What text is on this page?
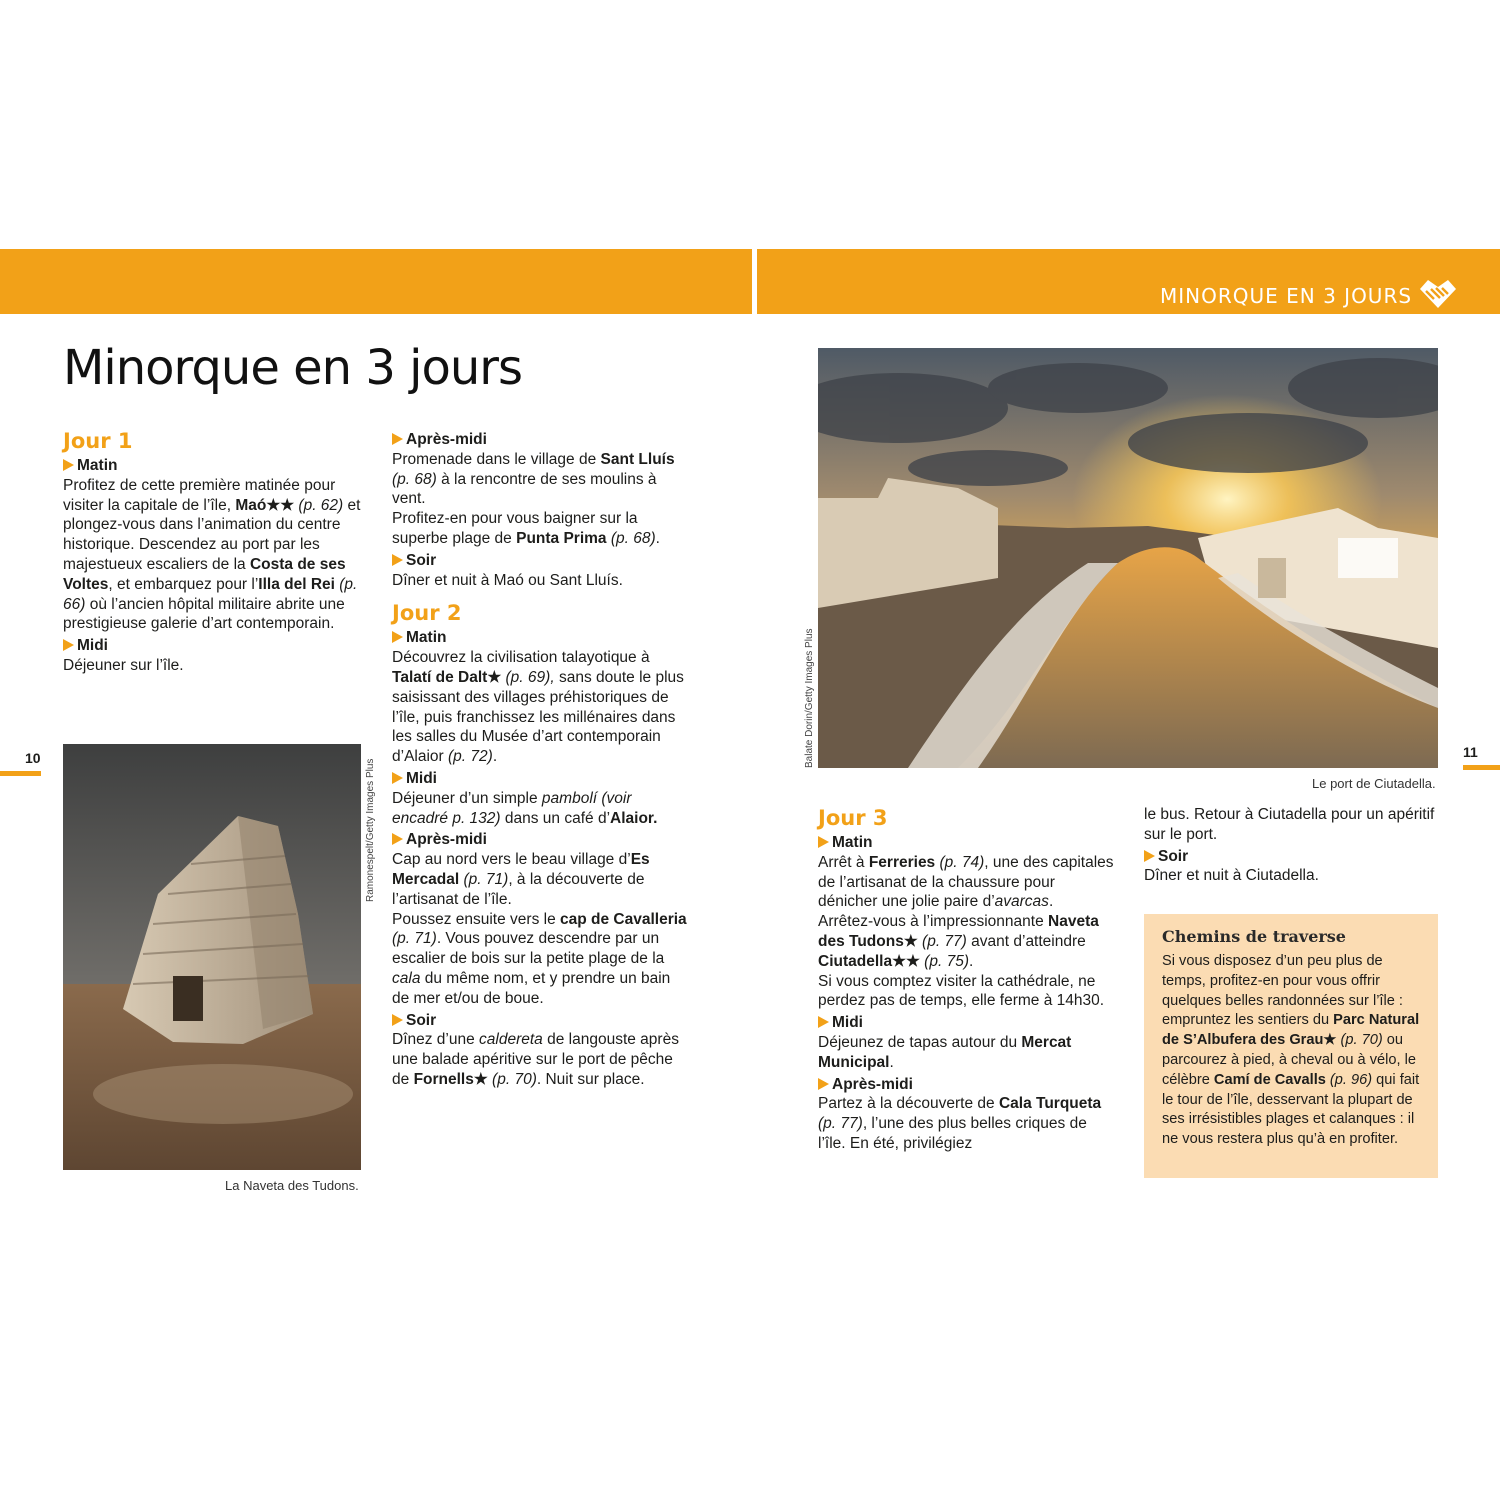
MINORQUE EN 3 JOURS
Minorque en 3 jours
10	11
Jour 1
Matin

Profitez de cette première matinée pour visiter la capitale de l’île, Maó★★ (p. 62) et plongez-vous dans l’animation du centre historique. Descendez au port par les majestueux escaliers de la Costa de ses Voltes, et embarquez pour l’Illa del Rei (p. 66) où l’ancien hôpital militaire abrite une prestigieuse galerie d’art contemporain.

Midi

Déjeuner sur l’île.

Ramonespelt/Getty Images Plus
La Naveta des Tudons.
Après-midi

Promenade dans le village de Sant Lluís (p. 68) à la rencontre de ses moulins à vent.

Profitez-en pour vous baigner sur la superbe plage de Punta Prima (p. 68).

Soir

Dîner et nuit à Maó ou Sant Lluís.

Jour 2
Matin

Découvrez la civilisation talayotique à Talatí de Dalt★ (p. 69), sans doute le plus saisissant des villages préhistoriques de l’île, puis franchissez les millénaires dans les salles du Musée d’art contemporain d’Alaior (p. 72).

Midi

Déjeuner d’un simple pambolí (voir encadré p. 132) dans un café d’Alaior.

Après-midi

Cap au nord vers le beau village d’Es Mercadal (p. 71), à la découverte de l’artisanat de l’île.

Poussez ensuite vers le cap de Cavalleria (p. 71). Vous pouvez descendre par un escalier de bois sur la petite plage de la cala du même nom, et y prendre un bain de mer et/ou de boue.

Soir

Dînez d’une caldereta de langouste après une balade apéritive sur le port de pêche de Fornells★ (p. 70). Nuit sur place.

Balate Dorin/Getty Images Plus
Le port de Ciutadella.
Jour 3
Matin

Arrêt à Ferreries (p. 74), une des capitales de l’artisanat de la chaussure pour dénicher une jolie paire d’avarcas.

Arrêtez-vous à l’impressionnante Naveta des Tudons★ (p. 77) avant d’atteindre Ciutadella★★ (p. 75).

Si vous comptez visiter la cathédrale, ne perdez pas de temps, elle ferme à 14h30.

Midi

Déjeunez de tapas autour du Mercat Municipal.

Après-midi

Partez à la découverte de Cala Turqueta (p. 77), l’une des plus belles criques de l’île. En été, privilégiez

le bus. Retour à Ciutadella pour un apéritif sur le port.

Soir

Dîner et nuit à Ciutadella.

Chemins de traverse

Si vous disposez d’un peu plus de temps, profitez-en pour vous offrir quelques belles randonnées sur l’île : empruntez les sentiers du Parc Natural de S’Albufera des Grau★ (p. 70) ou parcourez à pied, à cheval ou à vélo, le célèbre Camí de Cavalls (p. 96) qui fait le tour de l’île, desservant la plupart de ses irrésistibles plages et calanques : il ne vous restera plus qu’à en profiter.
